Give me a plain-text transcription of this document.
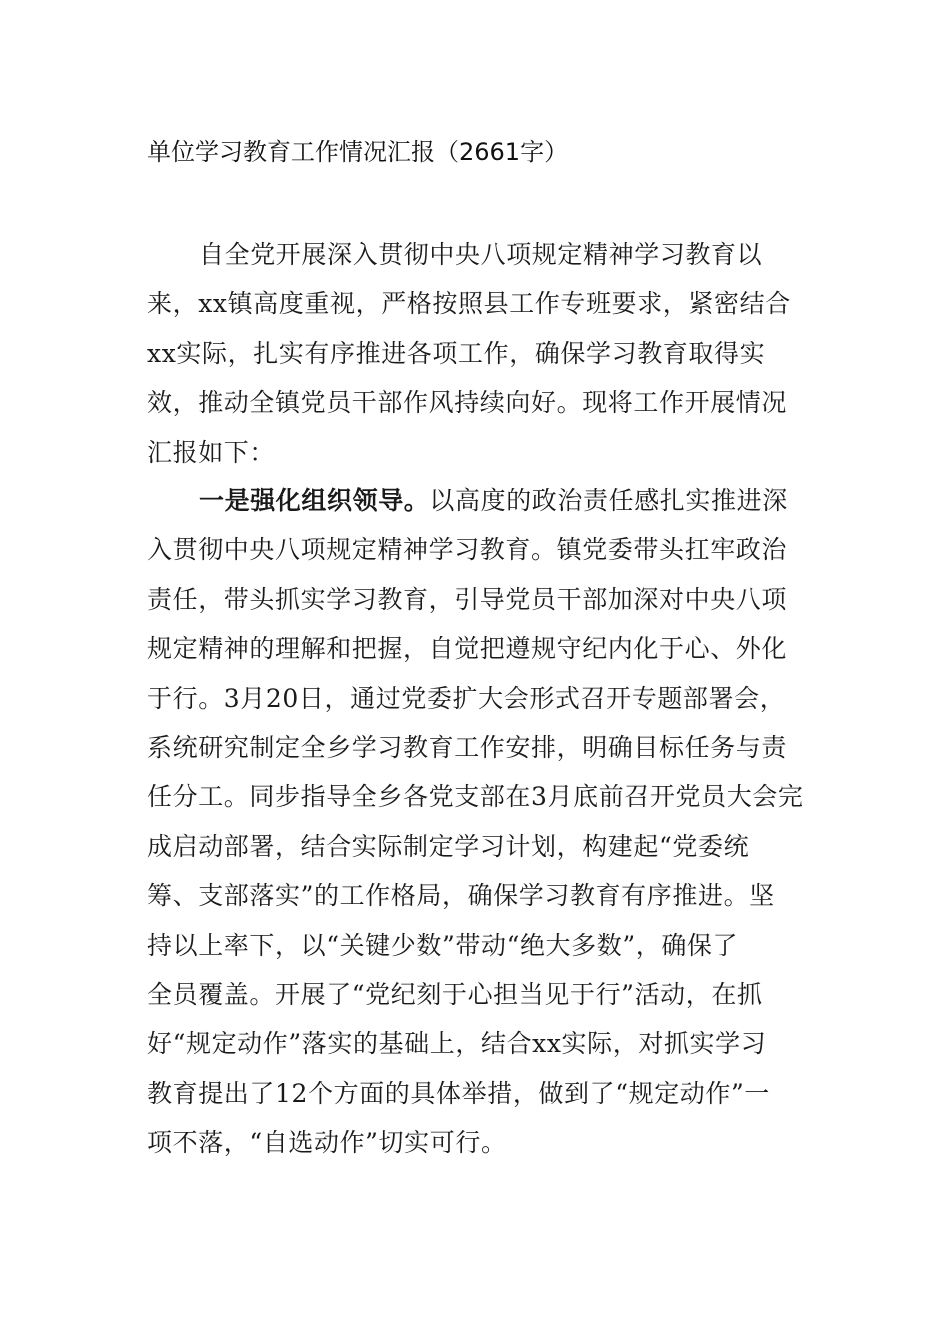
单位学习教育工作情况汇报（2661字）
自全党开展深入贯彻中央八项规定精神学习教育以
来，xx镇高度重视，严格按照县工作专班要求，紧密结合
xx实际，扎实有序推进各项工作，确保学习教育取得实
效，推动全镇党员干部作风持续向好。现将工作开展情况
汇报如下：
一是强化组织领导。以高度的政治责任感扎实推进深
入贯彻中央八项规定精神学习教育。镇党委带头扛牢政治
责任，带头抓实学习教育，引导党员干部加深对中央八项
规定精神的理解和把握，自觉把遵规守纪内化于心、外化
于行。3月20日，通过党委扩大会形式召开专题部署会，
系统研究制定全乡学习教育工作安排，明确目标任务与责
任分工。同步指导全乡各党支部在3月底前召开党员大会完
成启动部署，结合实际制定学习计划，构建起“党委统
筹、支部落实”的工作格局，确保学习教育有序推进。坚
持以上率下，以“关键少数”带动“绝大多数”，确保了
全员覆盖。开展了“党纪刻于心担当见于行”活动，在抓
好“规定动作”落实的基础上，结合xx实际，对抓实学习
教育提出了12个方面的具体举措，做到了“规定动作”一
项不落，“自选动作”切实可行。
